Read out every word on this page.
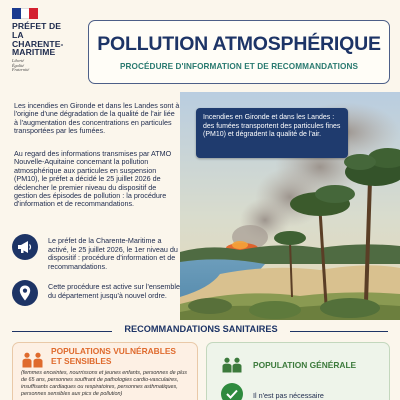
PRÉFET DE LA CHARENTE-MARITIME
Liberté
Égalité
Fraternité
POLLUTION ATMOSPHÉRIQUE
PROCÉDURE D'INFORMATION ET DE RECOMMANDATIONS
Les incendies en Gironde et dans les Landes sont à l'origine d'une dégradation de la qualité de l'air liée à l'augmentation des concentrations en particules transportées par les fumées.
Au regard des informations transmises par ATMO Nouvelle-Aquitaine concernant la pollution atmosphérique aux particules en suspension (PM10), le préfet a décidé le 25 juillet 2026 de déclencher le premier niveau du dispositif de gestion des épisodes de pollution : la procédure d'information et de recommandations.
Le préfet de la Charente-Maritime a activé, le 25 juillet 2026, le 1er niveau du dispositif : procédure d'information et de recommandations.
Cette procédure est active sur l'ensemble du département jusqu'à nouvel ordre.
Incendies en Gironde et dans les Landes : des fumées transportent des particules fines (PM10) et dégradent la qualité de l'air.
RECOMMANDATIONS SANITAIRES
POPULATIONS VULNÉRABLES ET SENSIBLES
(femmes enceintes, nourrissons et jeunes enfants, personnes de plus de 65 ans, personnes souffrant de pathologies cardio-vasculaires, insuffisants cardiaques ou respiratoires, personnes asthmatiques, personnes sensibles aux pics de pollution)
POPULATION GÉNÉRALE
Il n'est pas nécessaire
